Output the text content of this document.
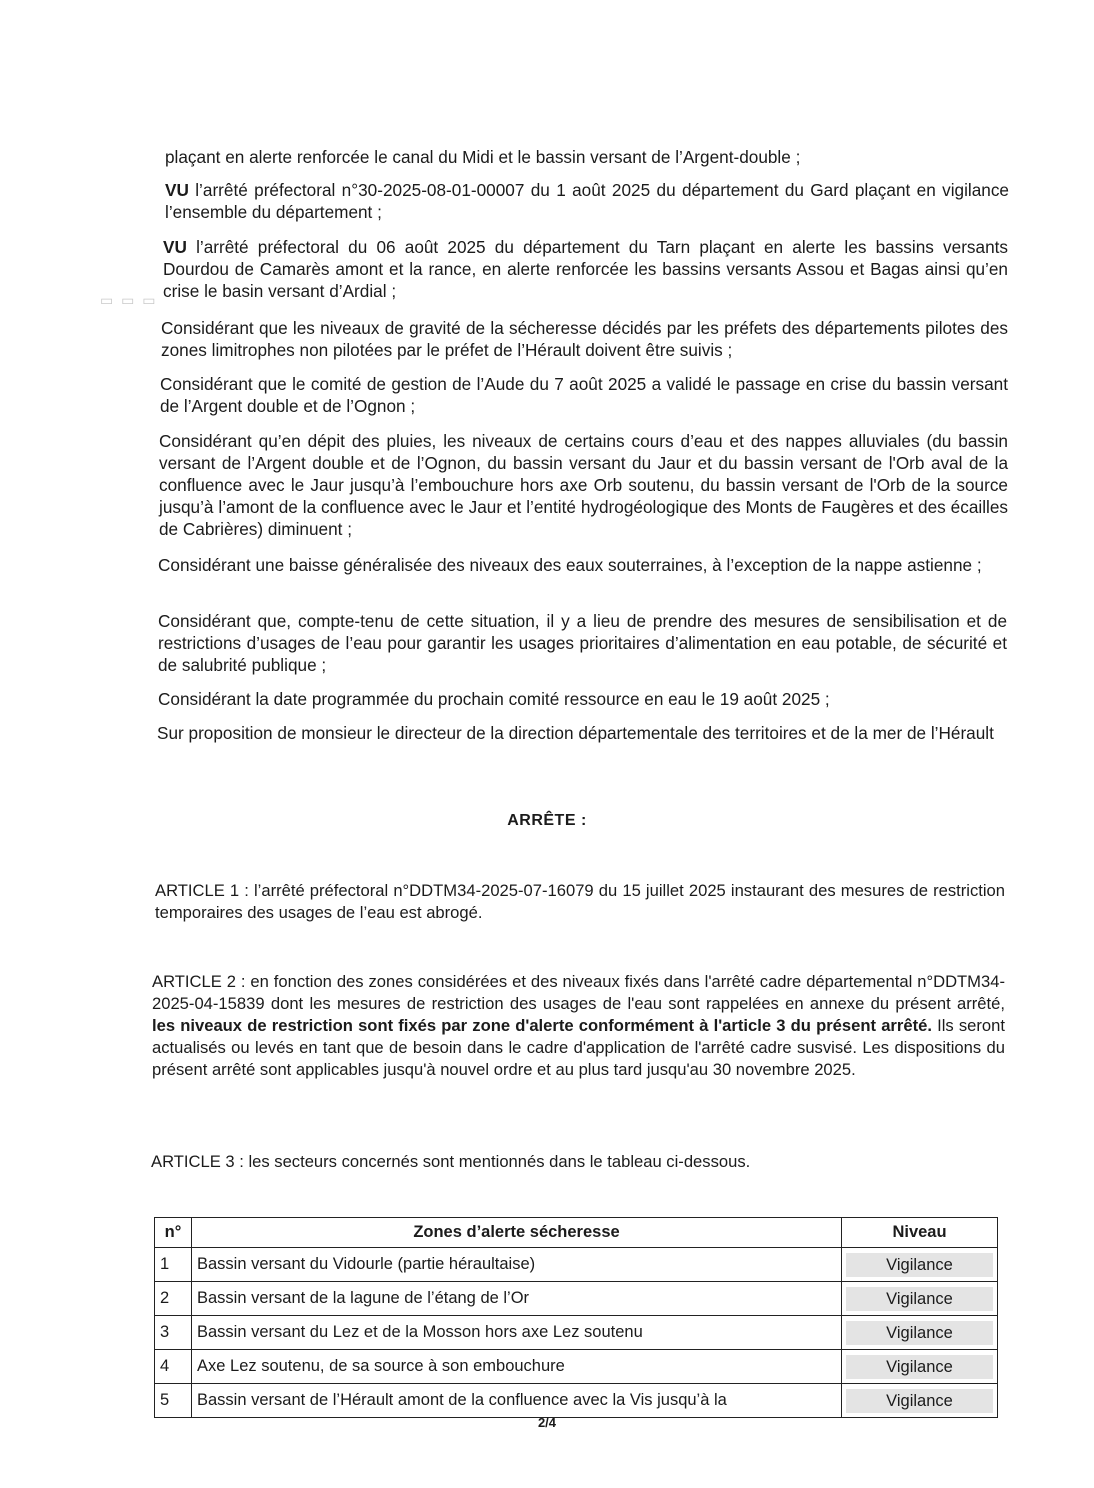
▭ ▭ ▭

plaçant en alerte renforcée le canal du Midi et le bassin versant de l’Argent-double ;

VU l’arrêté préfectoral n°30-2025-08-01-00007 du 1 août 2025 du département du Gard plaçant en vigilance l’ensemble du département ;

VU l’arrêté préfectoral du 06 août 2025 du département du Tarn plaçant en alerte les bassins versants Dourdou de Camarès amont et la rance, en alerte renforcée les bassins versants Assou et Bagas ainsi qu’en crise le basin versant d’Ardial ;

Considérant que les niveaux de gravité de la sécheresse décidés par les préfets des départements pilotes des zones limitrophes non pilotées par le préfet de l’Hérault doivent être suivis ;

Considérant que le comité de gestion de l’Aude du 7 août 2025 a validé le passage en crise du bassin versant de l’Argent double et de l’Ognon ;

Considérant qu’en dépit des pluies, les niveaux de certains cours d’eau et des nappes alluviales (du bassin versant de l’Argent double et de l’Ognon, du bassin versant du Jaur et du bassin versant de l'Orb aval de la confluence avec le Jaur jusqu’à l’embouchure hors axe Orb soutenu, du bassin versant de l'Orb de la source jusqu’à l’amont de la confluence avec le Jaur et l’entité hydrogéologique des Monts de Faugères et des écailles de Cabrières) diminuent ;

Considérant une baisse généralisée des niveaux des eaux souterraines, à l’exception de la nappe astienne ;

Considérant que, compte-tenu de cette situation, il y a lieu de prendre des mesures de sensibilisation et de restrictions d’usages de l’eau pour garantir les usages prioritaires d’alimentation en eau potable, de sécurité et de salubrité publique ;

Considérant la date programmée du prochain comité ressource en eau le 19 août 2025 ;

Sur proposition de monsieur le directeur de la direction départementale des territoires et de la mer de l’Hérault

ARRÊTE :

ARTICLE 1 : l’arrêté préfectoral n°DDTM34-2025-07-16079 du 15 juillet 2025 instaurant des mesures de restriction temporaires des usages de l’eau est abrogé.

ARTICLE 2 : en fonction des zones considérées et des niveaux fixés dans l'arrêté cadre départemental n°DDTM34-2025-04-15839 dont les mesures de restriction des usages de l'eau sont rappelées en annexe du présent arrêté, les niveaux de restriction sont fixés par zone d'alerte conformément à l'article 3 du présent arrêté. Ils seront actualisés ou levés en tant que de besoin dans le cadre d'application de l'arrêté cadre susvisé. Les dispositions du présent arrêté sont applicables jusqu'à nouvel ordre et au plus tard jusqu'au 30 novembre 2025.

ARTICLE 3 : les secteurs concernés sont mentionnés dans le tableau ci-dessous.

n°	Zones d’alerte sécheresse	Niveau
1	Bassin versant du Vidourle (partie héraultaise)	Vigilance

2	Bassin versant de la lagune de l’étang de l’Or	Vigilance

3	Bassin versant du Lez et de la Mosson hors axe Lez soutenu	Vigilance

4	Axe Lez soutenu, de sa source à son embouchure	Vigilance

5	Bassin versant de l’Hérault amont de la confluence avec la Vis jusqu’à la	Vigilance
2/4
